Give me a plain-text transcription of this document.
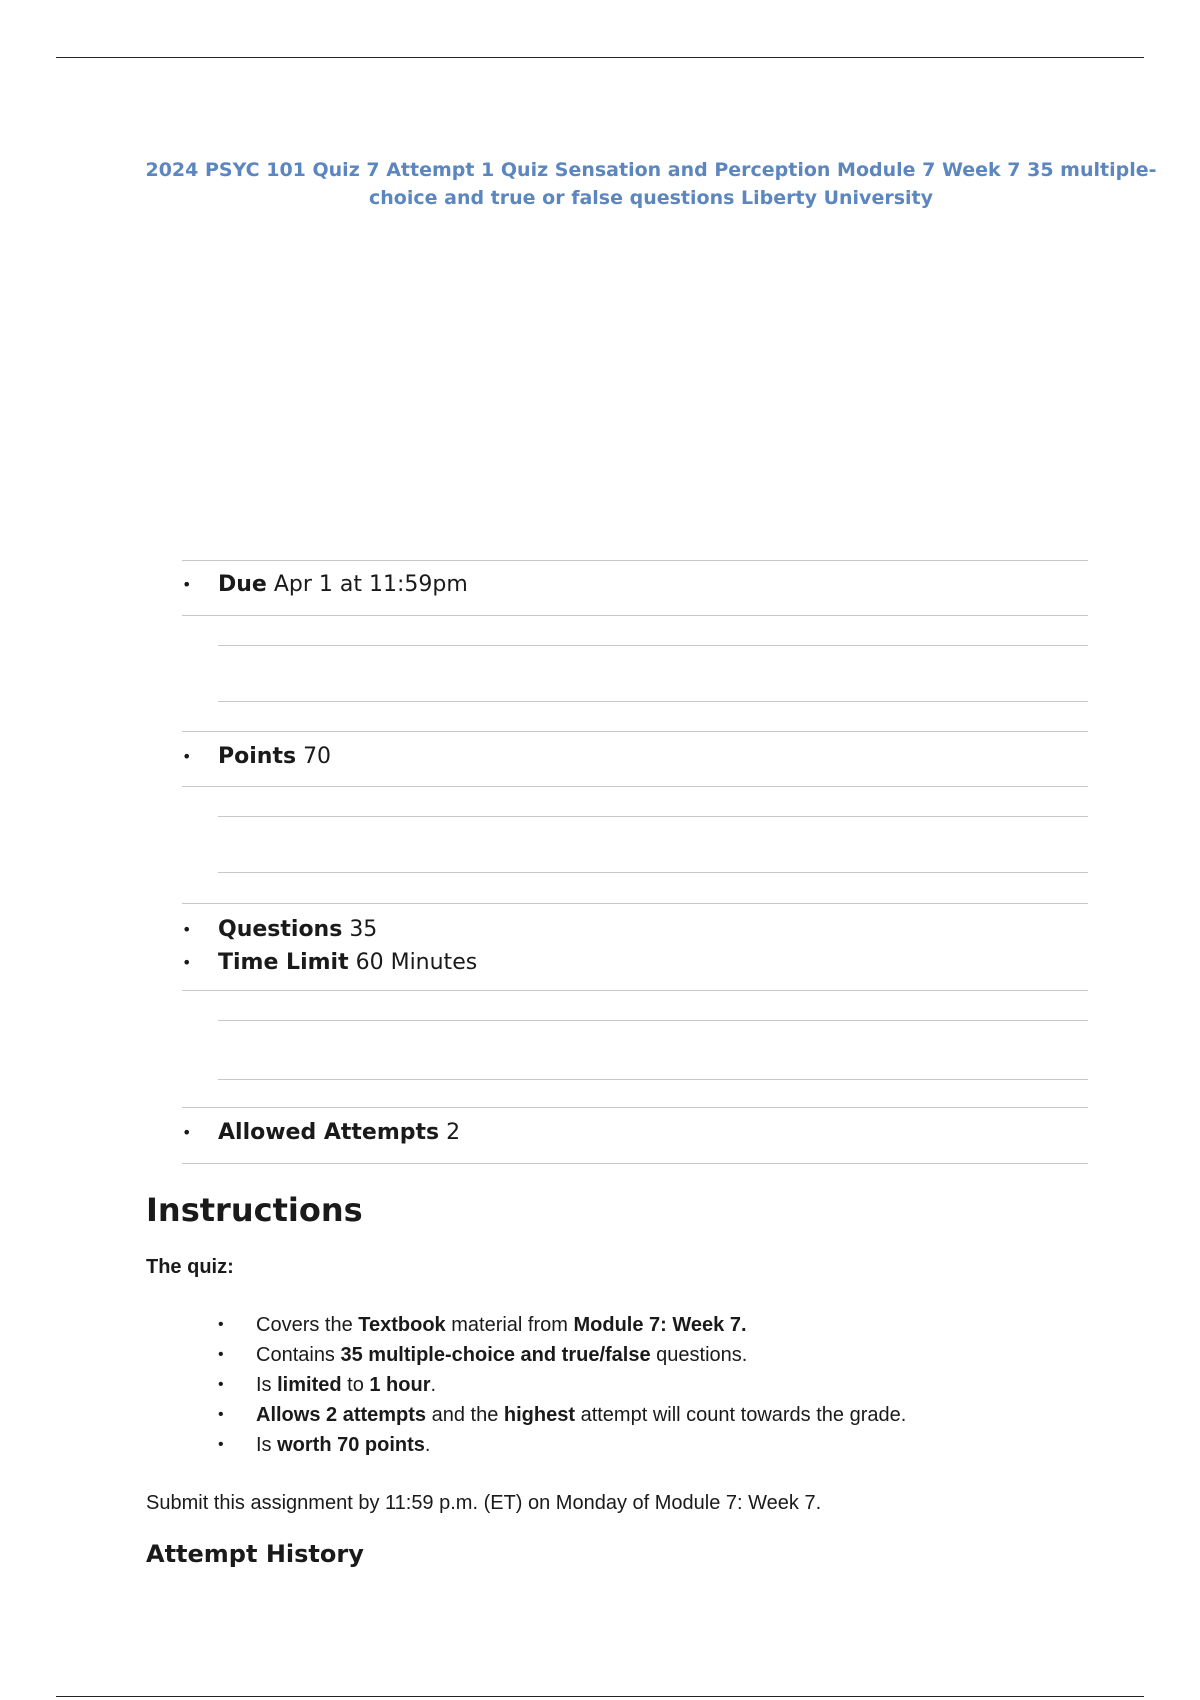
2024 PSYC 101 Quiz 7 Attempt 1 Quiz Sensation and Perception Module 7 Week 7 35 multiple-choice and true or false questions Liberty University
• Due Apr 1 at 11:59pm
• Points 70
• Questions 35
• Time Limit 60 Minutes
• Allowed Attempts 2
Instructions

The quiz:

• Covers the Textbook material from Module 7: Week 7.
• Contains 35 multiple-choice and true/false questions.
• Is limited to 1 hour.
• Allows 2 attempts and the highest attempt will count towards the grade.
• Is worth 70 points.

Submit this assignment by 11:59 p.m. (ET) on Monday of Module 7: Week 7.

Attempt History
